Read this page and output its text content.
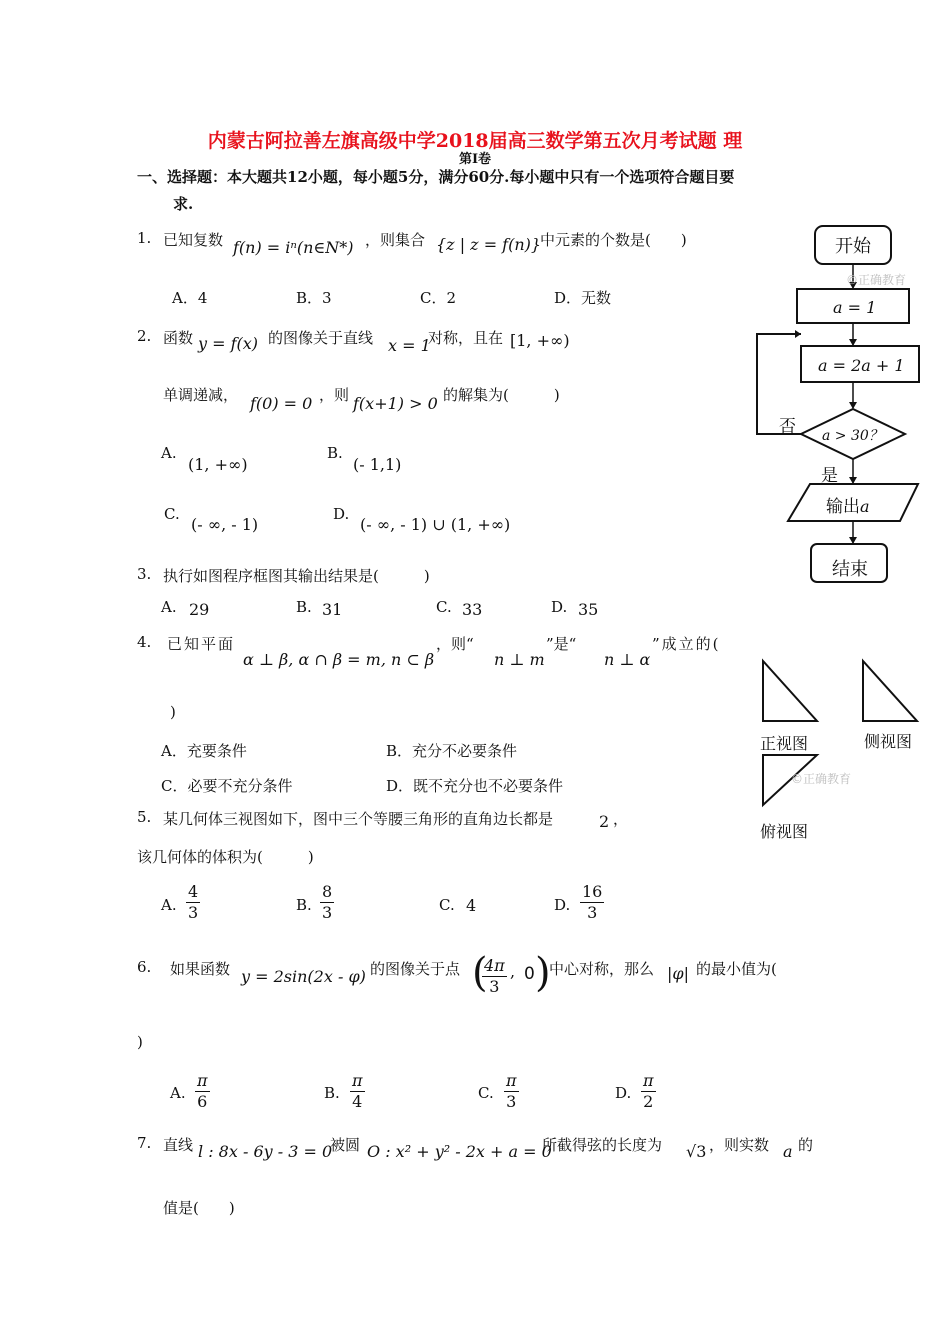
内蒙古阿拉善左旗高级中学2018届高三数学第五次月考试题 理
第Ⅰ卷
一、选择题：本大题共12小题，每小题5分，满分60分.每小题中只有一个选项符合题目要
求.
1. 已知复数 f(n) = iⁿ(n∈N*) ，则集合 {z | z = f(n)}
中元素的个数是(　　)
A．4	B．3	C．2	D．无数
2. 函数 y = f(x) 的图像关于直线 x = 1
对称，且在 [1, +∞)
单调递减， f(0) = 0 ，则 f(x+1) > 0 的解集为(　　　)
A.
(1, +∞)
B.
(- 1,1)
C.
(- ∞, - 1)
D.
(- ∞, - 1) ∪ (1, +∞)
3. 执行如图程序框图其输出结果是(　　　)
A. 29	B. 31	C. 33	D. 35
4. 已知平面
α ⊥ β, α ∩ β = m, n ⊂ β
，则“
n ⊥ m
”是“
n ⊥ α
”成立的(
)
A．充要条件	B．充分不必要条件
C．必要不充分条件	D．既不充分也不必要条件
5. 某几何体三视图如下，图中三个等腰三角形的直角边长都是	2 ，
该几何体的体积为(　　　)
A. $\frac{4}{3}$	B. $\frac{8}{3}$	C. 4	D. $\frac{16}{3}$
6. 如果函数 y = 2sin(2x - φ) 的图像关于点 (
$\frac{4\pi}{3}$ , 0 )
中心对称，那么 |φ| 的最小值为(
)
A. $\frac{\pi}{6}$	B. $\frac{\pi}{4}$	C. $\frac{\pi}{3}$	D. $\frac{\pi}{2}$
7. 直线 l : 8x - 6y - 3 = 0
被圆 O : x² + y² - 2x + a = 0
所截得弦的长度为 √3 ，则实数 a 的
值是(　　)
开始
©正确教育
a = 1
a = 2a + 1
a > 30？
否
是
输出a
结束
正视图	侧视图
©正确教育
俯视图
